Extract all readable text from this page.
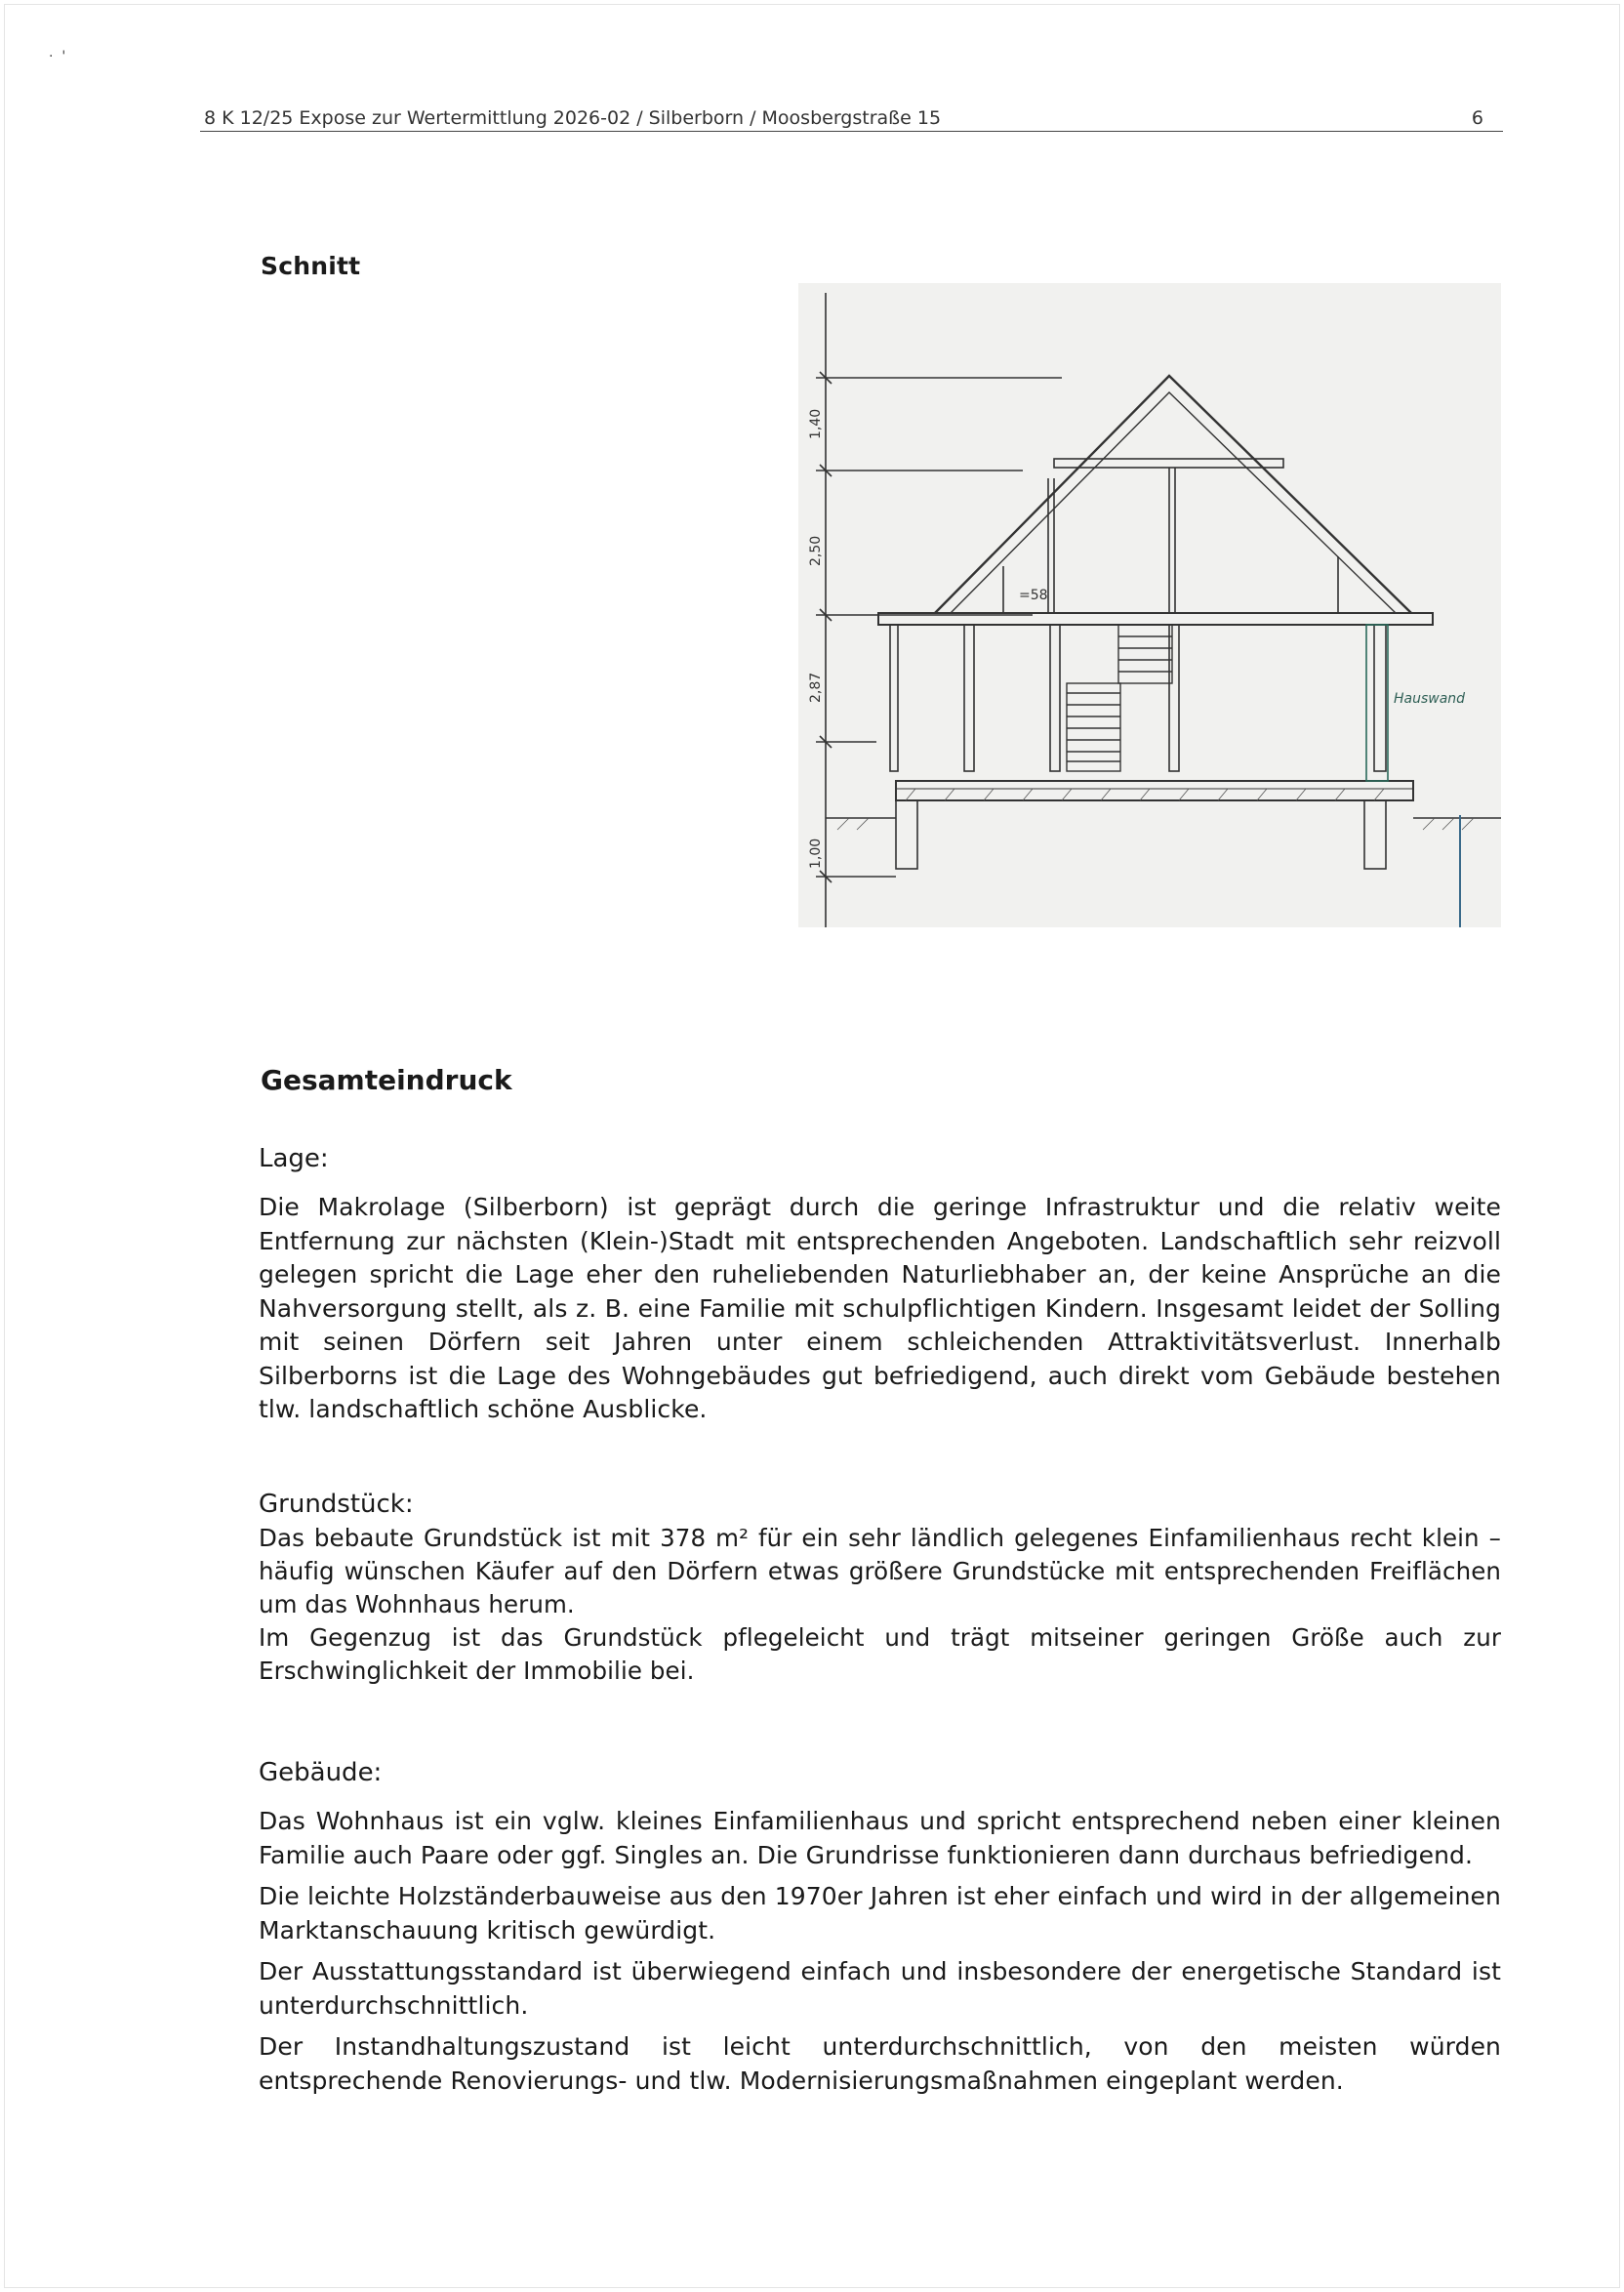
·  '
8 K 12/25 Expose zur Wertermittlung 2026-02 / Silberborn / Moosbergstraße 15	6
Schnitt
1,40
2,50
2,87
1,00
=58
Hauswand
Gesamteindruck

Lage:

Die Makrolage (Silberborn) ist geprägt durch die geringe Infrastruktur und die relativ weite Entfernung zur nächsten (Klein-)Stadt mit entsprechenden Angeboten. Landschaftlich sehr reizvoll gelegen spricht die Lage eher den ruheliebenden Naturliebhaber an, der keine Ansprüche an die Nahversorgung stellt, als z. B. eine Familie mit schulpflichtigen Kindern. Insgesamt leidet der Solling mit seinen Dörfern seit Jahren unter einem schleichenden Attraktivitätsverlust. Innerhalb Silberborns ist die Lage des Wohngebäudes gut befriedigend, auch direkt vom Gebäude bestehen tlw. landschaftlich schöne Ausblicke.

Grundstück:

Das bebaute Grundstück ist mit 378 m² für ein sehr ländlich gelegenes Einfamilienhaus recht klein – häufig wünschen Käufer auf den Dörfern etwas größere Grundstücke mit entsprechenden Freiflächen um das Wohnhaus herum.

Im Gegenzug ist das Grundstück pflegeleicht und trägt mitseiner geringen Größe auch zur Erschwinglichkeit der Immobilie bei.

Gebäude:

Das Wohnhaus ist ein vglw. kleines Einfamilienhaus und spricht entsprechend neben einer kleinen Familie auch Paare oder ggf. Singles an. Die Grundrisse funktionieren dann durchaus befriedigend.

Die leichte Holzständerbauweise aus den 1970er Jahren ist eher einfach und wird in der allgemeinen Marktanschauung kritisch gewürdigt.

Der Ausstattungsstandard ist überwiegend einfach und insbesondere der energetische Standard ist unterdurchschnittlich.

Der Instandhaltungszustand ist leicht unterdurchschnittlich, von den meisten würden entsprechende Renovierungs- und tlw. Modernisierungsmaßnahmen eingeplant werden.
